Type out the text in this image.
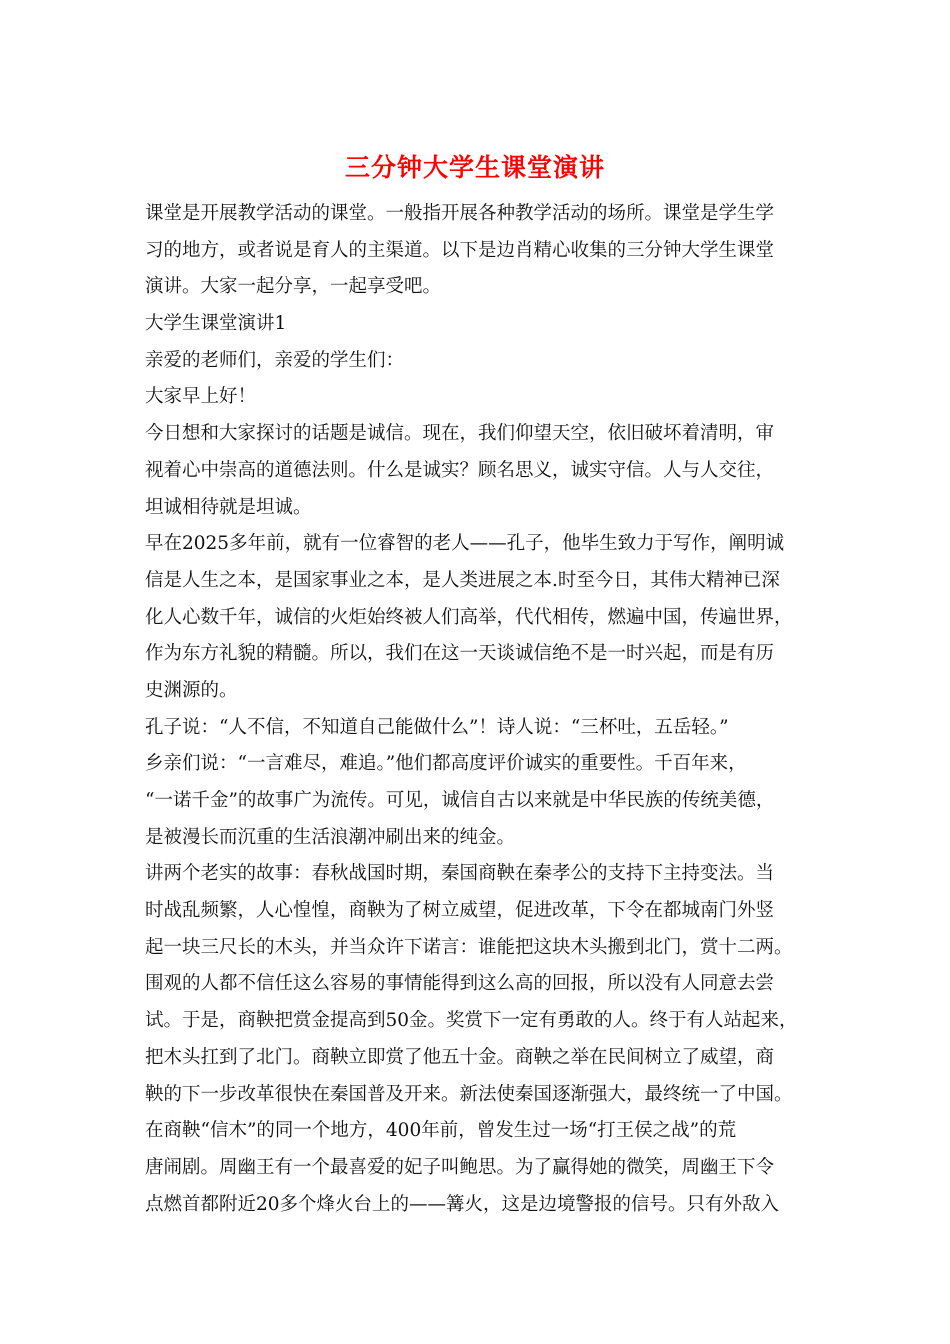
三分钟大学生课堂演讲
课堂是开展教学活动的课堂。一般指开展各种教学活动的场所。课堂是学生学
习的地方，或者说是育人的主渠道。以下是边肖精心收集的三分钟大学生课堂
演讲。大家一起分享，一起享受吧。
大学生课堂演讲1
亲爱的老师们，亲爱的学生们：
大家早上好！
今日想和大家探讨的话题是诚信。现在，我们仰望天空，依旧破坏着清明，审
视着心中崇高的道德法则。什么是诚实？顾名思义，诚实守信。人与人交往，
坦诚相待就是坦诚。
早在2025多年前，就有一位睿智的老人——孔子，他毕生致力于写作，阐明诚
信是人生之本，是国家事业之本，是人类进展之本.时至今日，其伟大精神已深
化人心数千年，诚信的火炬始终被人们高举，代代相传，燃遍中国，传遍世界，
作为东方礼貌的精髓。所以，我们在这一天谈诚信绝不是一时兴起，而是有历
史渊源的。
孔子说：“人不信，不知道自己能做什么”！诗人说：“三杯吐，五岳轻。”
乡亲们说：“一言难尽，难追。”他们都高度评价诚实的重要性。千百年来，
“一诺千金”的故事广为流传。可见，诚信自古以来就是中华民族的传统美德，
是被漫长而沉重的生活浪潮冲刷出来的纯金。
讲两个老实的故事：春秋战国时期，秦国商鞅在秦孝公的支持下主持变法。当
时战乱频繁，人心惶惶，商鞅为了树立威望，促进改革，下令在都城南门外竖
起一块三尺长的木头，并当众许下诺言：谁能把这块木头搬到北门，赏十二两。
围观的人都不信任这么容易的事情能得到这么高的回报，所以没有人同意去尝
试。于是，商鞅把赏金提高到50金。奖赏下一定有勇敢的人。终于有人站起来，
把木头扛到了北门。商鞅立即赏了他五十金。商鞅之举在民间树立了威望，商
鞅的下一步改革很快在秦国普及开来。新法使秦国逐渐强大，最终统一了中国。
在商鞅“信木”的同一个地方，400年前，曾发生过一场“打王侯之战”的荒
唐闹剧。周幽王有一个最喜爱的妃子叫鲍思。为了赢得她的微笑，周幽王下令
点燃首都附近20多个烽火台上的——篝火，这是边境警报的信号。只有外敌入
